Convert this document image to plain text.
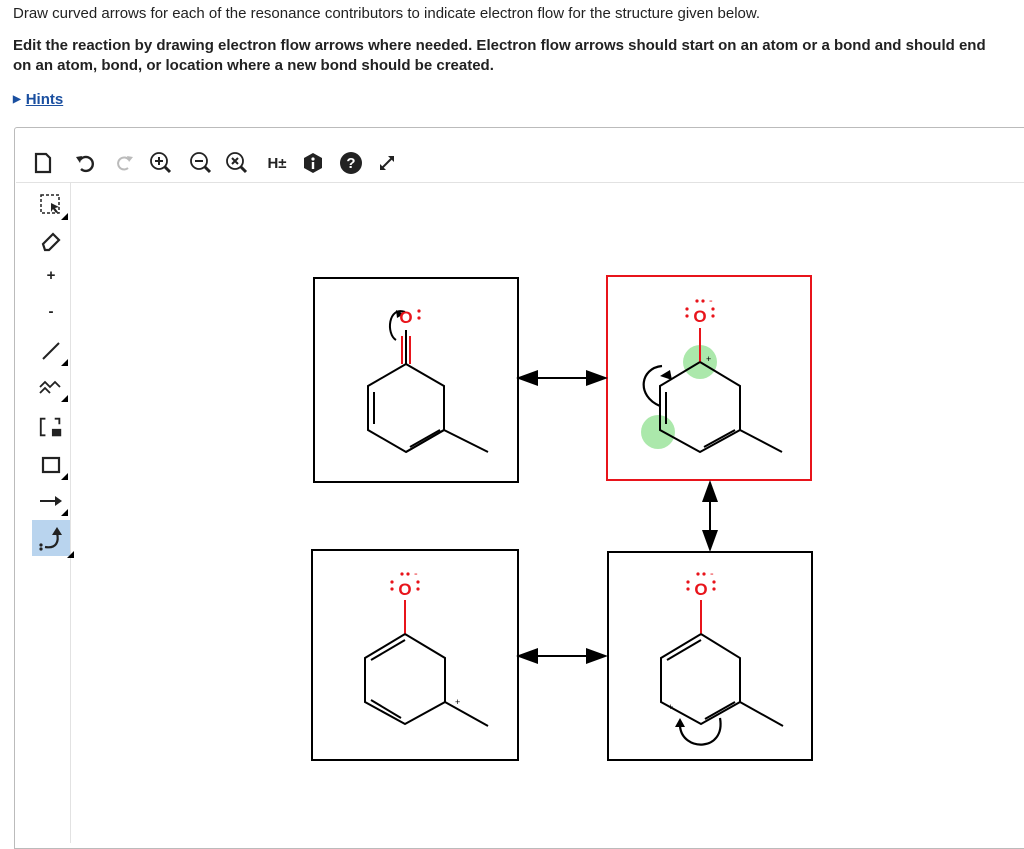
Draw curved arrows for each of the resonance contributors to indicate electron flow for the structure given below.
Edit the reaction by drawing electron flow arrows where needed. Electron flow arrows should start on an atom or a bond and should end on an atom, bond, or location where a new bond should be created.
▶ Hints
H±	?
+
-	O	O
-
+
O
-
+
O
-
+
